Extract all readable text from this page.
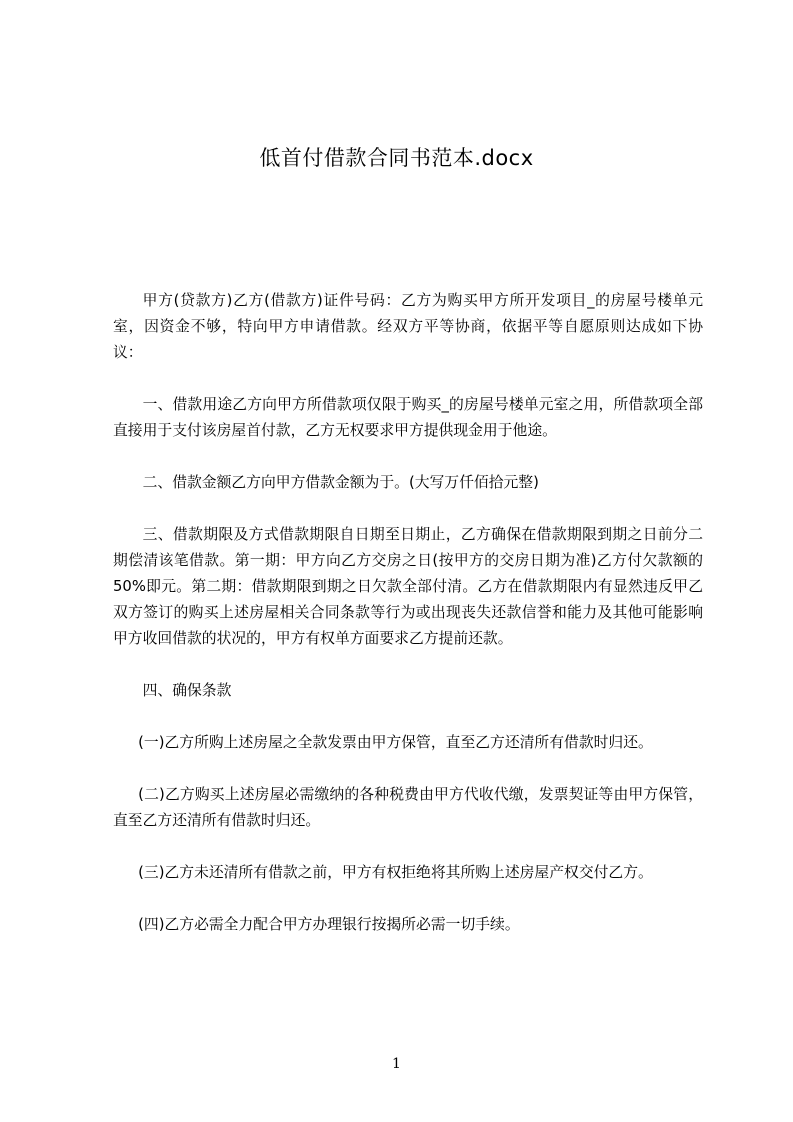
低首付借款合同书范本.docx

甲方(贷款方)乙方(借款方)证件号码：乙方为购买甲方所开发项目_的房屋号楼单元室，因资金不够，特向甲方申请借款。经双方平等协商，依据平等自愿原则达成如下协议：

一、借款用途乙方向甲方所借款项仅限于购买_的房屋号楼单元室之用，所借款项全部直接用于支付该房屋首付款，乙方无权要求甲方提供现金用于他途。

二、借款金额乙方向甲方借款金额为于。(大写万仟佰拾元整)

三、借款期限及方式借款期限自日期至日期止，乙方确保在借款期限到期之日前分二期偿清该笔借款。第一期：甲方向乙方交房之日(按甲方的交房日期为准)乙方付欠款额的50%即元。第二期：借款期限到期之日欠款全部付清。乙方在借款期限内有显然违反甲乙双方签订的购买上述房屋相关合同条款等行为或出现丧失还款信誉和能力及其他可能影响甲方收回借款的状况的，甲方有权单方面要求乙方提前还款。

四、确保条款

(一)乙方所购上述房屋之全款发票由甲方保管，直至乙方还清所有借款时归还。

(二)乙方购买上述房屋必需缴纳的各种税费由甲方代收代缴，发票契证等由甲方保管，直至乙方还清所有借款时归还。

(三)乙方未还清所有借款之前，甲方有权拒绝将其所购上述房屋产权交付乙方。

(四)乙方必需全力配合甲方办理银行按揭所必需一切手续。

1
